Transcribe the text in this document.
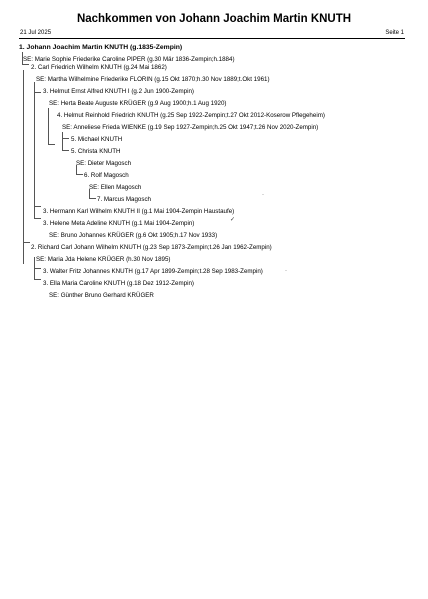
Nachkommen von Johann Joachim Martin KNUTH
21 Jul 2025	Seite 1
1. Johann Joachim Martin KNUTH (g.1835-Zempin)
SE: Marie Sophie Friederike Caroline PIPER (g.30 Mär 1836-Zempin;h.1884)
2. Carl Friedrich Wilhelm KNUTH (g.24 Mai 1862)
SE: Martha Wilhelmine Friederike FLORIN (g.15 Okt 1870;h.30 Nov 1889;t.Okt 1961)
3. Helmut Ernst Alfred KNUTH I (g.2 Jun 1900-Zempin)
SE: Herta Beate Auguste KRÜGER (g.9 Aug 1900;h.1 Aug 1920)
4. Helmut Reinhold Friedrich KNUTH (g.25 Sep 1922-Zempin;t.27 Okt 2012-Koserow Pflegeheim)
SE: Anneliese Frieda WIENKE (g.19 Sep 1927-Zempin;h.25 Okt 1947;t.26 Nov 2020-Zempin)
5. Michael KNUTH
5. Christa KNUTH
SE: Dieter Magosch
6. Rolf Magosch
SE: Ellen Magosch
7. Marcus Magosch
3. Hermann Karl Wilhelm KNUTH II (g.1 Mai 1904-Zempin Haustaufe)
3. Helene Meta Adeline KNUTH (g.1 Mai 1904-Zempin)
SE: Bruno Johannes KRÜGER (g.6 Okt 1905;h.17 Nov 1933)
2. Richard Carl Johann Wilhelm KNUTH (g.23 Sep 1873-Zempin;t.26 Jan 1962-Zempin)
SE: Maria Jda Helene KRÜGER (h.30 Nov 1895)
3. Walter Fritz Johannes KNUTH (g.17 Apr 1899-Zempin;t.28 Sep 1983-Zempin)
3. Ella Maria Caroline KNUTH (g.18 Dez 1912-Zempin)
SE: Günther Bruno Gerhard KRÜGER
·
✓
·
